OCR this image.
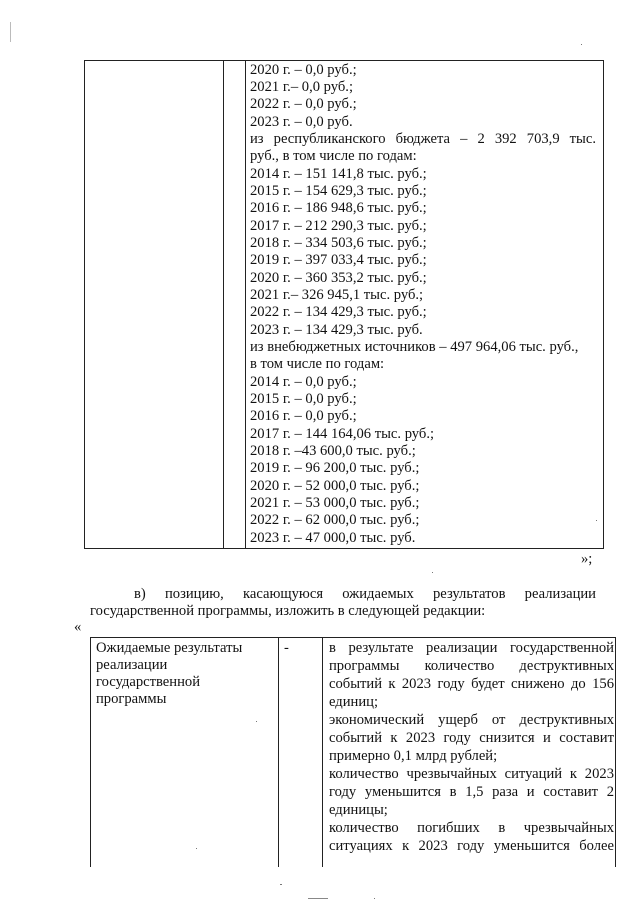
2020 г. – 0,0 руб.;
2021 г.– 0,0 руб.;
2022 г. – 0,0 руб.;
2023 г. – 0,0 руб.
из республиканского бюджета – 2 392 703,9 тыс.
руб., в том числе по годам:
2014 г. – 151 141,8 тыс. руб.;
2015 г. – 154 629,3 тыс. руб.;
2016 г. – 186 948,6 тыс. руб.;
2017 г. – 212 290,3 тыс. руб.;
2018 г. – 334 503,6 тыс. руб.;
2019 г. – 397 033,4 тыс. руб.;
2020 г. – 360 353,2 тыс. руб.;
2021 г.– 326 945,1 тыс. руб.;
2022 г. – 134 429,3 тыс. руб.;
2023 г. – 134 429,3 тыс. руб.
из внебюджетных источников – 497 964,06 тыс. руб.,
в том числе по годам:
2014 г. – 0,0 руб.;
2015 г. – 0,0 руб.;
2016 г. – 0,0 руб.;
2017 г. – 144 164,06 тыс. руб.;
2018 г. –43 600,0 тыс. руб.;
2019 г. – 96 200,0 тыс. руб.;
2020 г. – 52 000,0 тыс. руб.;
2021 г. – 53 000,0 тыс. руб.;
2022 г. – 62 000,0 тыс. руб.;
2023 г. – 47 000,0 тыс. руб.
»;
в) позицию, касающуюся ожидаемых результатов реализации
государственной программы, изложить в следующей редакции:
«
Ожидаемые результаты
реализации
государственной
программы
-	в результате реализации государственной
программы количество деструктивных
событий к 2023 году будет снижено до 156
единиц;
экономический ущерб от деструктивных
событий к 2023 году снизится и составит
примерно 0,1 млрд рублей;
количество чрезвычайных ситуаций к 2023
году уменьшится в 1,5 раза и составит 2
единицы;
количество погибших в чрезвычайных
ситуациях к 2023 году уменьшится более
